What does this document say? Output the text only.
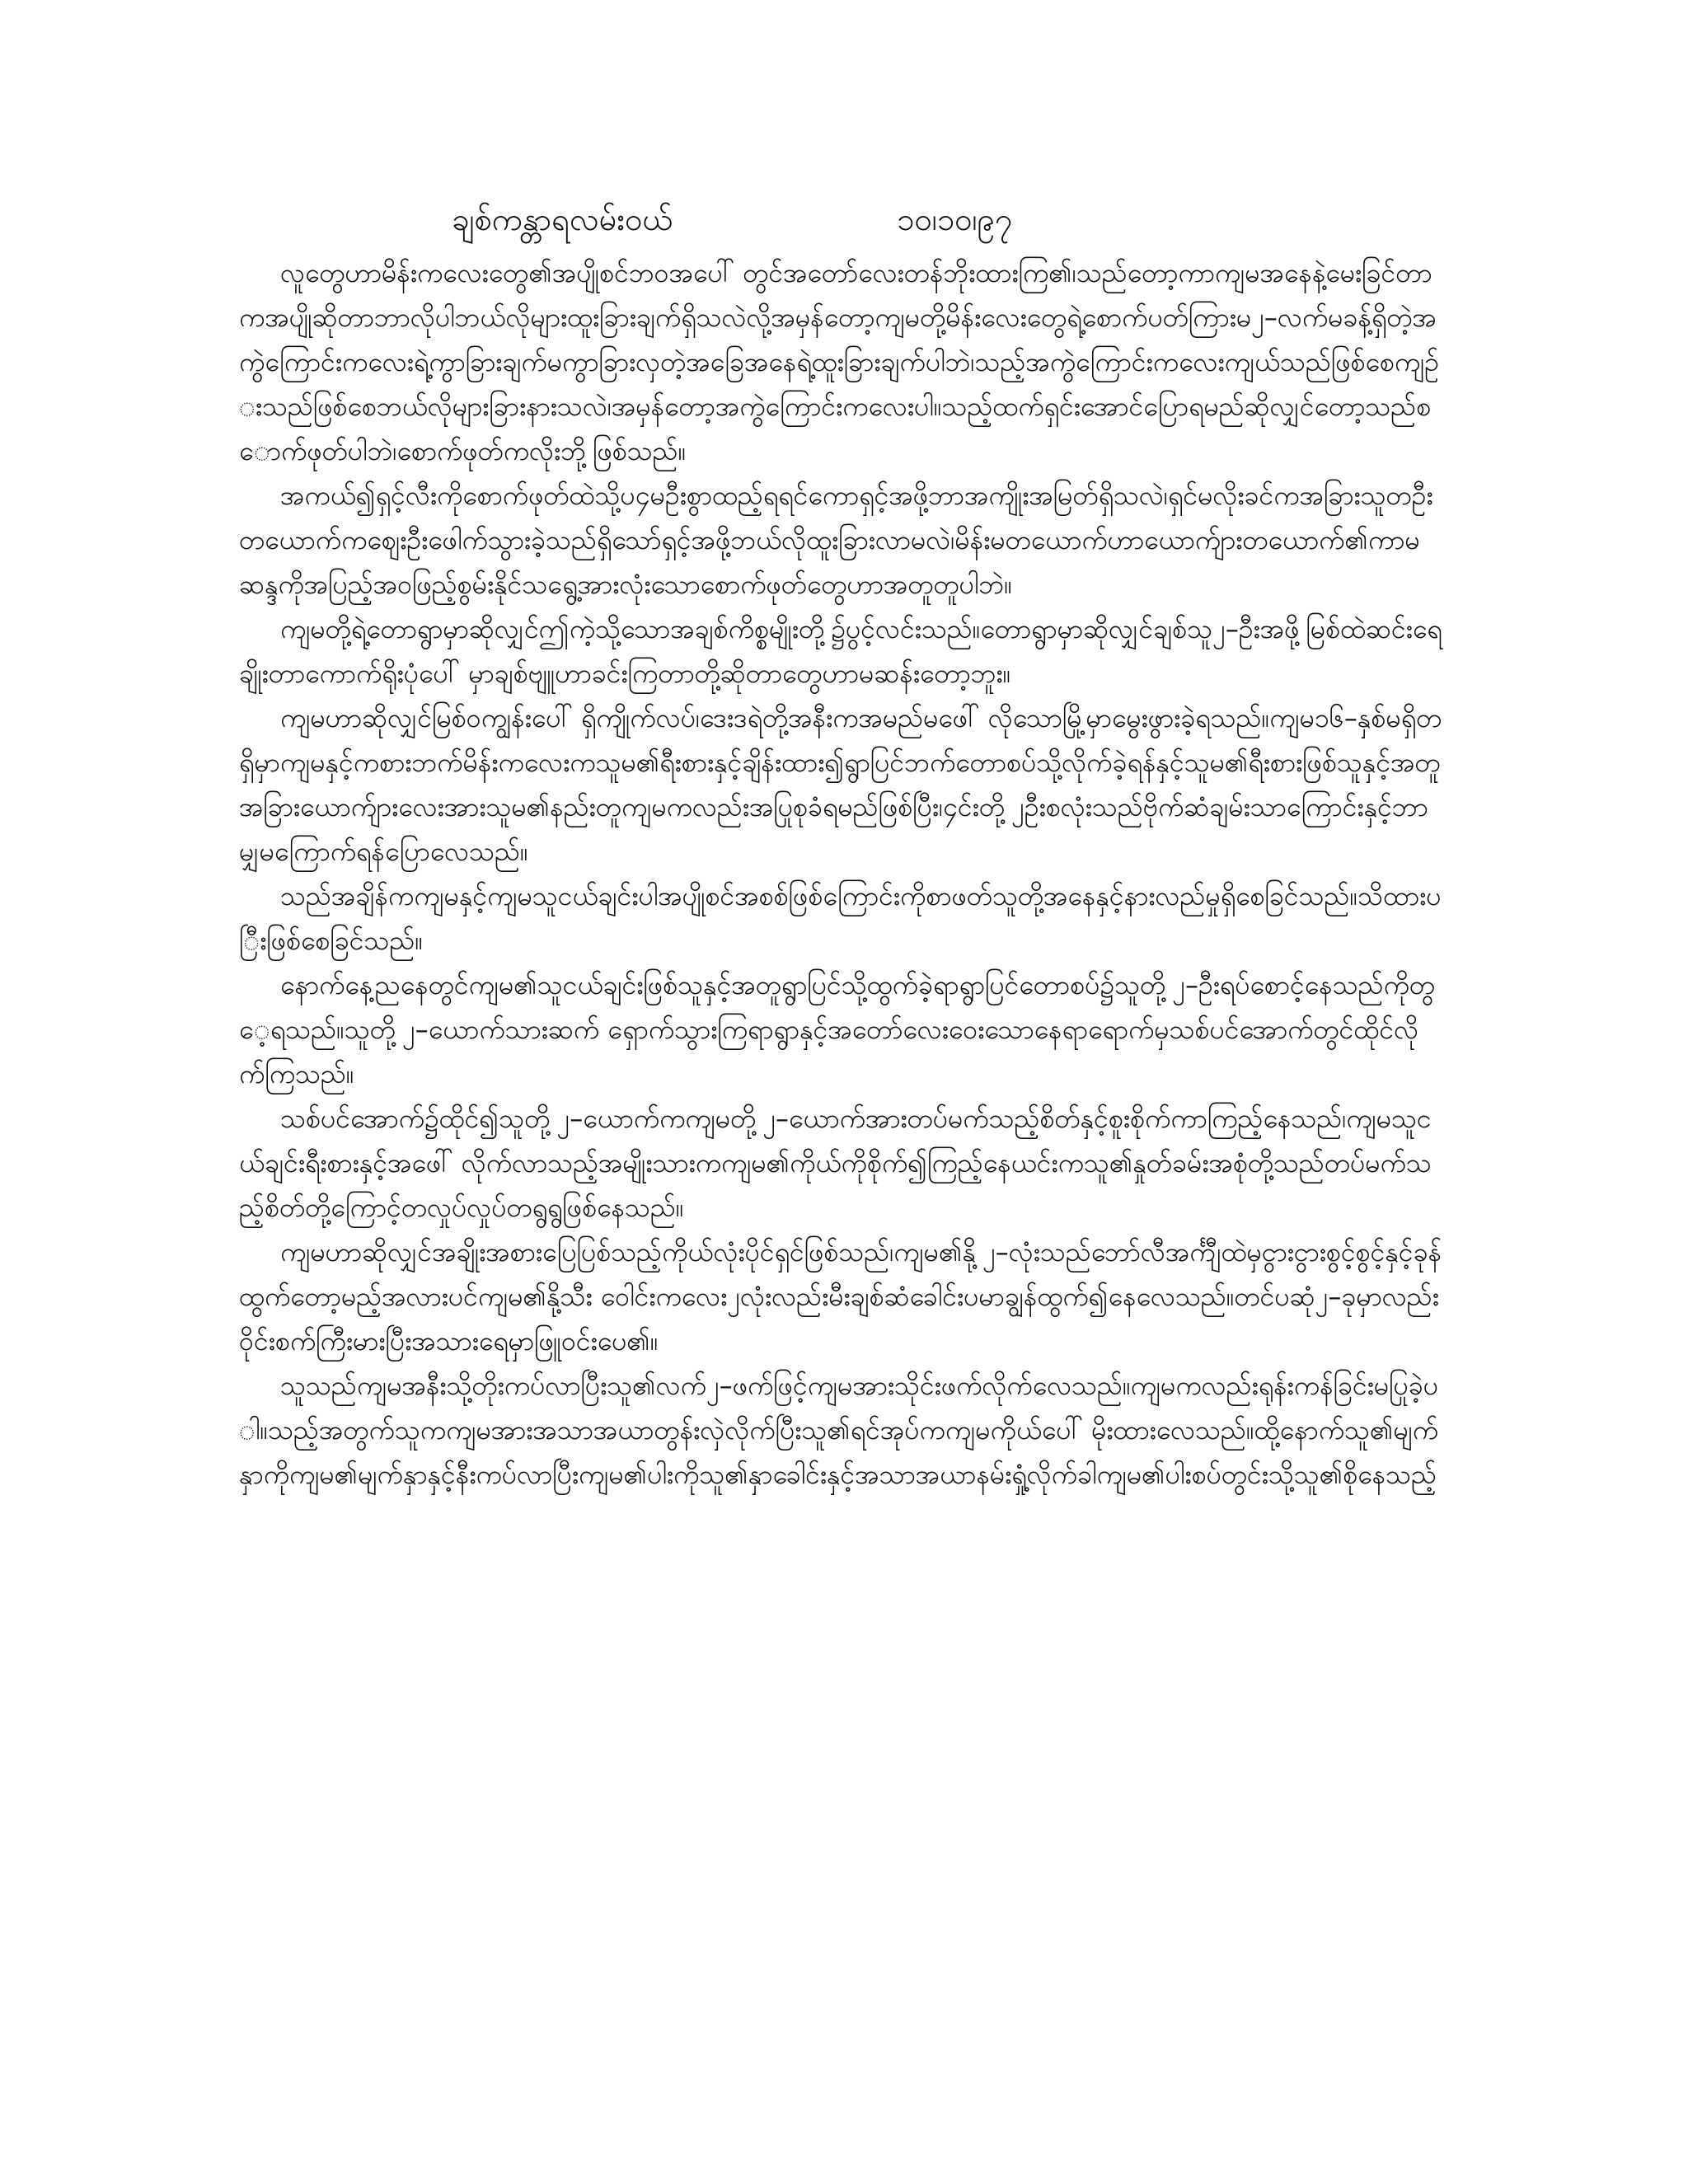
ချစ်ကန္တာရလမ်းဝယ်	၁၀၊၁၀၊၉၇

လူတွေဟာမိန်းကလေးတွေ၏အပျိုစင်ဘဝအပေါ် တွင်အတော်လေးတန်ဘိုးထားကြ၏၊သည်တော့ကာကျမအနေနဲ့မေးခြင်တာကအပျိုဆိုတာဘာလိုပါဘယ်လိုများထူးခြားချက်ရှိသလဲလို့အမှန်တော့ကျမတို့မိန်းလေးတွေရဲ့စောက်ပတ်ကြားမ၂–လက်မခန့်ရှိတဲ့အကွဲကြောင်းကလေးရဲ့ကွာခြားချက်မကွာခြားလှတဲ့အခြေအနေရဲ့ထူးခြားချက်ပါဘဲ၊သည့်အကွဲကြောင်းကလေးကျယ်သည်ဖြစ်စေကျဥ်းသည်ဖြစ်စေဘယ်လိုများခြားနားသလဲ၊အမှန်တော့အကွဲကြောင်းကလေးပါ။သည့်ထက်ရှင်းအောင်ပြောရမည်ဆိုလျှင်တော့သည်စောက်ဖုတ်ပါဘဲ၊စောက်ဖုတ်ကလိုးဘို့ဖြစ်သည်။

အကယ်၍ရှင့်လီးကိုစောက်ဖုတ်ထဲသို့ပ၄မဦးစွာထည့်ရရင်ကောရှင့်အဖို့ဘာအကျိုးအမြတ်ရှိသလဲ၊ရှင်မလိုးခင်ကအခြားသူတဦးတယောက်ကဈေးဦးဖေါက်သွားခဲ့သည်ရှိသော်ရှင့်အဖို့ဘယ်လိုထူးခြားလာမလဲ၊မိန်းမတယောက်ဟာယောက်ျားတယောက်၏ကာမဆန္ဒကိုအပြည့်အဝဖြည့်စွမ်းနိုင်သရွေ့အားလုံးသောစောက်ဖုတ်တွေဟာအတူတူပါဘဲ။

ကျမတို့ရဲ့တောရွာမှာဆိုလျှင်ဤကဲ့သို့သောအချစ်ကိစ္စမျိုးတို့၌ပွင့်လင်းသည်။တောရွာမှာဆိုလျှင်ချစ်သူ၂–ဦးအဖို့မြစ်ထဲဆင်းရေချိုးတာကောက်ရိုးပုံပေါ် မှာချစ်ဗျူဟာခင်းကြတာတို့ဆိုတာတွေဟာမဆန်းတော့ဘူး။

ကျမဟာဆိုလျှင်မြစ်ဝကျွန်းပေါ် ရှိကျိုက်လပ်၊ဒေးဒရဲတို့အနီးကအမည်မဖေါ် လိုသောမြို့မှာမွေးဖွားခဲ့ရသည်။ကျမ၁၆–နှစ်မရှိတရှိမှာကျမနှင့်ကစားဘက်မိန်းကလေးကသူမ၏ရီးစားနှင့်ချိန်းထား၍ရွာပြင်ဘက်တောစပ်သို့လိုက်ခဲ့ရန်နှင့်သူမ၏ရီးစားဖြစ်သူနှင့်အတူအခြားယောက်ျားလေးအားသူမ၏နည်းတူကျမကလည်းအပြုစုခံရမည်ဖြစ်ပြီး၊၄င်းတို့၂ဦးစလုံးသည်ဗိုက်ဆံချမ်းသာကြောင်းနှင့်ဘာမျှမကြောက်ရန်ပြောလေသည်။

သည်အချိန်ကကျမနှင့်ကျမသူငယ်ချင်းပါအပျိုစင်အစစ်ဖြစ်ကြောင်းကိုစာဖတ်သူတို့အနေနှင့်နားလည်မှုရှိစေခြင်သည်။သိထားပြီးဖြစ်စေခြင်သည်။

နောက်နေ့ညနေတွင်ကျမ၏သူငယ်ချင်းဖြစ်သူနှင့်အတူရွာပြင်သို့ထွက်ခဲ့ရာရွာပြင်တောစပ်၌သူတို့၂–ဦးရပ်စောင့်နေသည်ကိုတွေ့ရသည်။သူတို့၂–ယောက်သားဆက် ရှောက်သွားကြရာရွာနှင့်အတော်လေးဝေးသောနေရာရောက်မှသစ်ပင်အောက်တွင်ထိုင်လိုက်ကြသည်။

သစ်ပင်အောက်၌ထိုင်၍သူတို့၂–ယောက်ကကျမတို့၂–ယောက်အားတပ်မက်သည့်စိတ်နှင့်စူးစိုက်ကာကြည့်နေသည်၊ကျမသူငယ်ချင်းရီးစားနှင့်အဖေါ် လိုက်လာသည့်အမျိုးသားကကျမ၏ကိုယ်ကိုစိုက်၍ကြည့်နေယင်းကသူ၏နှုတ်ခမ်းအစုံတို့သည်တပ်မက်သည့်စိတ်တို့ကြောင့်တလှုပ်လှုပ်တရွရွဖြစ်နေသည်။

ကျမဟာဆိုလျှင်အချိုးအစားပြေပြစ်သည့်ကိုယ်လုံးပိုင်ရှင်ဖြစ်သည်၊ကျမ၏နို့၂–လုံးသည်ဘော်လီအင်္ကျီထဲမှငွားငွားစွင့်စွင့်နှင့်ခုန်ထွက်တော့မည့်အလားပင်ကျမ၏နို့သီး ဝေါင်းကလေး၂လုံးလည်းမီးချစ်ဆံခေါင်းပမာချွန်ထွက်၍နေလေသည်။တင်ပဆုံ၂–ခုမှာလည်းဝိုင်းစက်ကြီးမားပြီးအသားရေမှာဖြူဝင်းပေ၏။

သူသည်ကျမအနီးသို့တိုးကပ်လာပြီးသူ၏လက်၂–ဖက်ဖြင့်ကျမအားသိုင်းဖက်လိုက်လေသည်။ကျမကလည်းရုန်းကန်ခြင်းမပြုခဲ့ပါ။သည့်အတွက်သူကကျမအားအသာအယာတွန်းလှဲလိုက်ပြီးသူ၏ရင်အုပ်ကကျမကိုယ်ပေါ် မိုးထားလေသည်။ထို့နောက်သူ၏မျက်နှာကိုကျမ၏မျက်နှာနှင့်နီးကပ်လာပြီးကျမ၏ပါးကိုသူ၏နှာခေါင်းနှင့်အသာအယာနမ်းရှုံ့လိုက်ခါကျမ၏ပါးစပ်တွင်းသို့သူ၏စိုနေသည့်
